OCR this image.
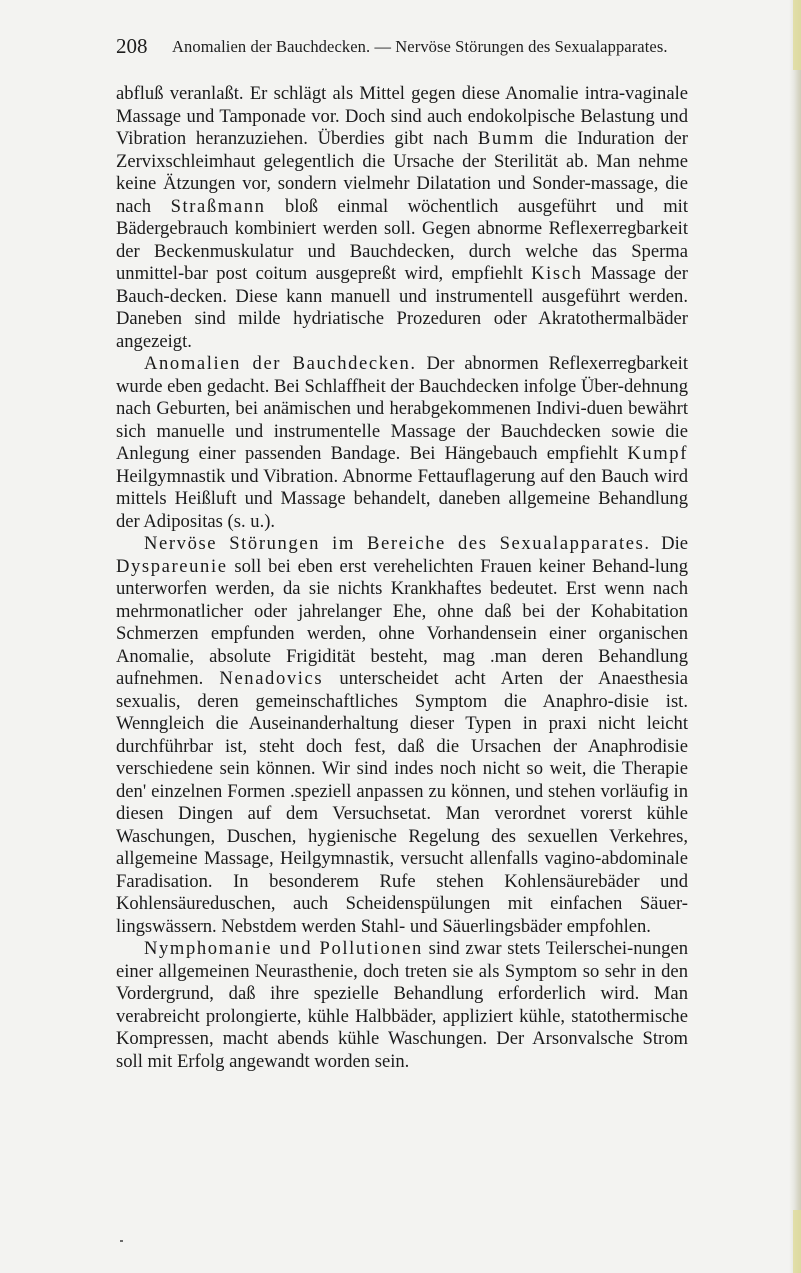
208 Anomalien der Bauchdecken. — Nervöse Störungen des Sexualapparates.

abfluß veranlaßt. Er schlägt als Mittel gegen diese Anomalie intra-vaginale Massage und Tamponade vor. Doch sind auch endokolpische Belastung und Vibration heranzuziehen. Überdies gibt nach Bumm die Induration der Zervixschleimhaut gelegentlich die Ursache der Sterilität ab. Man nehme keine Ätzungen vor, sondern vielmehr Dilatation und Sonder-massage, die nach Straßmann bloß einmal wöchentlich ausgeführt und mit Bädergebrauch kombiniert werden soll. Gegen abnorme Reflexerregbarkeit der Beckenmuskulatur und Bauchdecken, durch welche das Sperma unmittel-bar post coitum ausgepreßt wird, empfiehlt Kisch Massage der Bauch-decken. Diese kann manuell und instrumentell ausgeführt werden. Daneben sind milde hydriatische Prozeduren oder Akratothermalbäder angezeigt.

Anomalien der Bauchdecken. Der abnormen Reflexerregbarkeit wurde eben gedacht. Bei Schlaffheit der Bauchdecken infolge Über-dehnung nach Geburten, bei anämischen und herabgekommenen Indivi-duen bewährt sich manuelle und instrumentelle Massage der Bauchdecken sowie die Anlegung einer passenden Bandage. Bei Hängebauch empfiehlt Kumpf Heilgymnastik und Vibration. Abnorme Fettauflagerung auf den Bauch wird mittels Heißluft und Massage behandelt, daneben allgemeine Behandlung der Adipositas (s. u.).

Nervöse Störungen im Bereiche des Sexualapparates. Die Dyspareunie soll bei eben erst verehelichten Frauen keiner Behand-lung unterworfen werden, da sie nichts Krankhaftes bedeutet. Erst wenn nach mehrmonatlicher oder jahrelanger Ehe, ohne daß bei der Kohabitation Schmerzen empfunden werden, ohne Vorhandensein einer organischen Anomalie, absolute Frigidität besteht, mag .man deren Behandlung aufnehmen. Nenadovics unterscheidet acht Arten der Anaesthesia sexualis, deren gemeinschaftliches Symptom die Anaphro-disie ist. Wenngleich die Auseinanderhaltung dieser Typen in praxi nicht leicht durchführbar ist, steht doch fest, daß die Ursachen der Anaphrodisie verschiedene sein können. Wir sind indes noch nicht so weit, die Therapie den' einzelnen Formen .speziell anpassen zu können, und stehen vorläufig in diesen Dingen auf dem Versuchsetat. Man verordnet vorerst kühle Waschungen, Duschen, hygienische Regelung des sexuellen Verkehres, allgemeine Massage, Heilgymnastik, versucht allenfalls vagino-abdominale Faradisation. In besonderem Rufe stehen Kohlensäurebäder und Kohlensäureduschen, auch Scheidenspülungen mit einfachen Säuer-lingswässern. Nebstdem werden Stahl- und Säuerlingsbäder empfohlen.

Nymphomanie und Pollutionen sind zwar stets Teilerschei-nungen einer allgemeinen Neurasthenie, doch treten sie als Symptom so sehr in den Vordergrund, daß ihre spezielle Behandlung erforderlich wird. Man verabreicht prolongierte, kühle Halbbäder, appliziert kühle, statothermische Kompressen, macht abends kühle Waschungen. Der Arsonvalsche Strom soll mit Erfolg angewandt worden sein.
